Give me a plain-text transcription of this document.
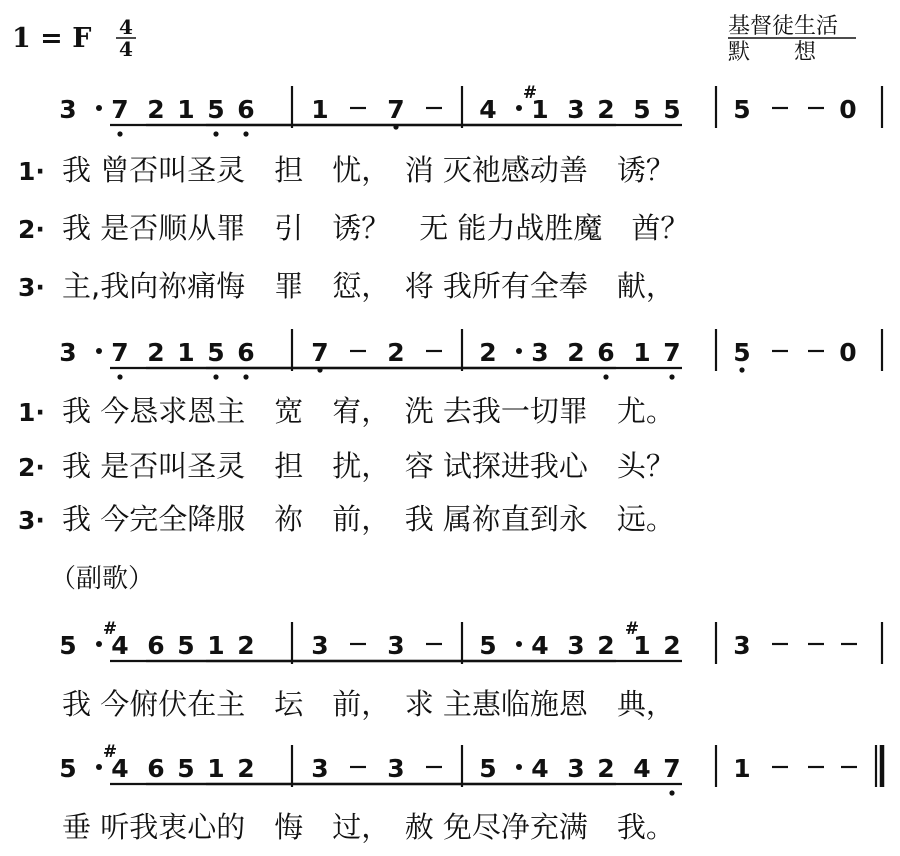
1 = F 4
4
基督徒生活
默　　想
3 7 2 1 5 6 1 7	4 1
#
3 2 5 5 5	0
3 7 2 1 5 6 7 2	2 3 2 6 1 7 5	0
5 4
#
6 5 1 2 3 3	5 4 3 2 1
#
2 3
5 4
#
6 5 1 2 3 3	5 4 3 2 4 7 1
1· 我 曾否叫圣灵　担　忧，　消 灭祂感动善　诱？
2· 我 是否顺从罪　引　诱？　无 能力战胜魔　酋？
3· 主,我向祢痛悔　罪　愆，　将 我所有全奉　献，
1· 我 今恳求恩主　宽　宥，　洗 去我一切罪　尤。
2· 我 是否叫圣灵　担　扰，　容 试探进我心　头？
3· 我 今完全降服　祢　前，　我 属祢直到永　远。
（副歌）
我 今俯伏在主　坛　前，　求 主惠临施恩　典，
垂 听我衷心的　悔　过，　赦 免尽净充满　我。
